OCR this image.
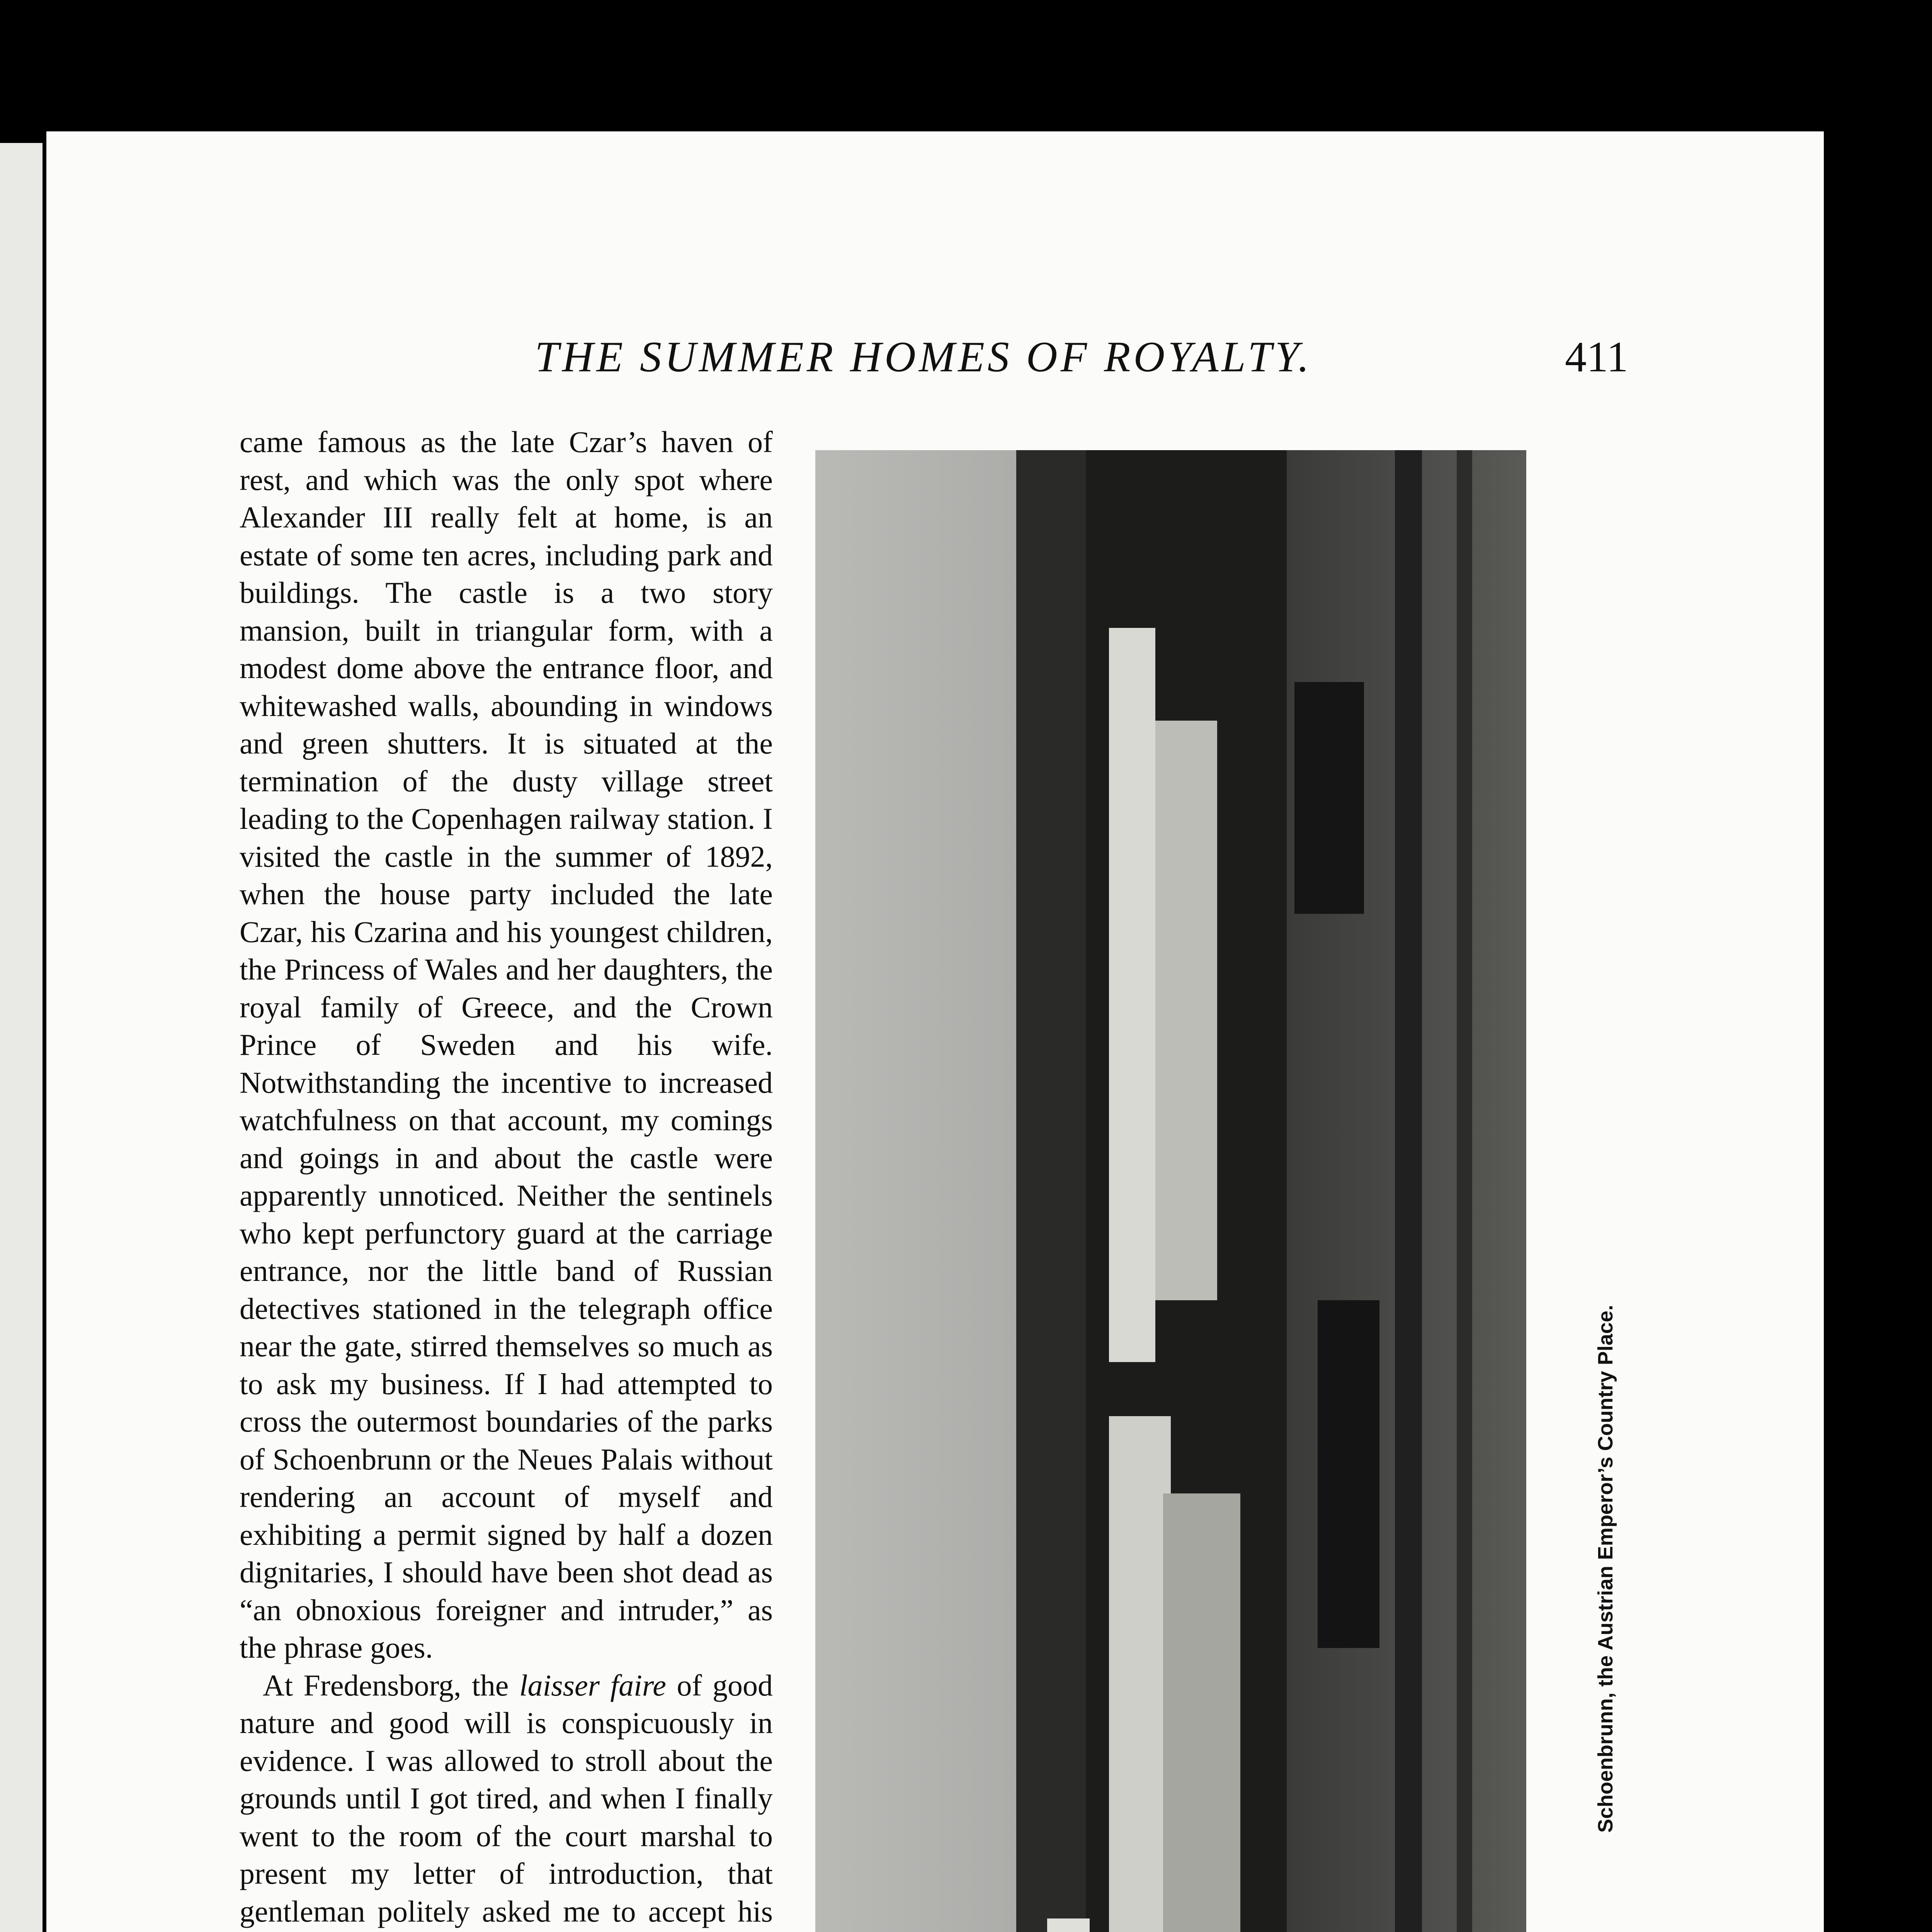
THE SUMMER HOMES OF ROYALTY.	411

came famous as the late Czar’s haven of rest, and which was the only spot where Alexander III really felt at home, is an estate of some ten acres, including park and buildings. The castle is a two story mansion, built in triangular form, with a modest dome above the entrance floor, and whitewashed walls, abounding in windows and green shutters. It is situated at the termination of the dusty village street leading to the Copenhagen railway station. I visited the castle in the summer of 1892, when the house party included the late Czar, his Czarina and his youngest children, the Princess of Wales and her daughters, the royal family of Greece, and the Crown Prince of Sweden and his wife. Notwithstanding the incentive to increased watchfulness on that account, my comings and goings in and about the castle were apparently unnoticed. Neither the sentinels who kept perfunctory guard at the carriage entrance, nor the little band of Russian detectives stationed in the telegraph office near the gate, stirred themselves so much as to ask my business. If I had attempted to cross the outermost boundaries of the parks of Schoenbrunn or the Neues Palais without rendering an account of myself and exhibiting a permit signed by half a dozen dignitaries, I should have been shot dead as “an obnoxious foreigner and intruder,” as the phrase goes.

At Fredensborg, the laisser faire of good nature and good will is conspicuously in evidence. I was allowed to stroll about the grounds until I got tired, and when I finally went to the room of the court marshal to present my letter of introduction, that gentleman politely asked me to accept his

Schoenbrunn, the Austrian Emperor’s Country Place.
